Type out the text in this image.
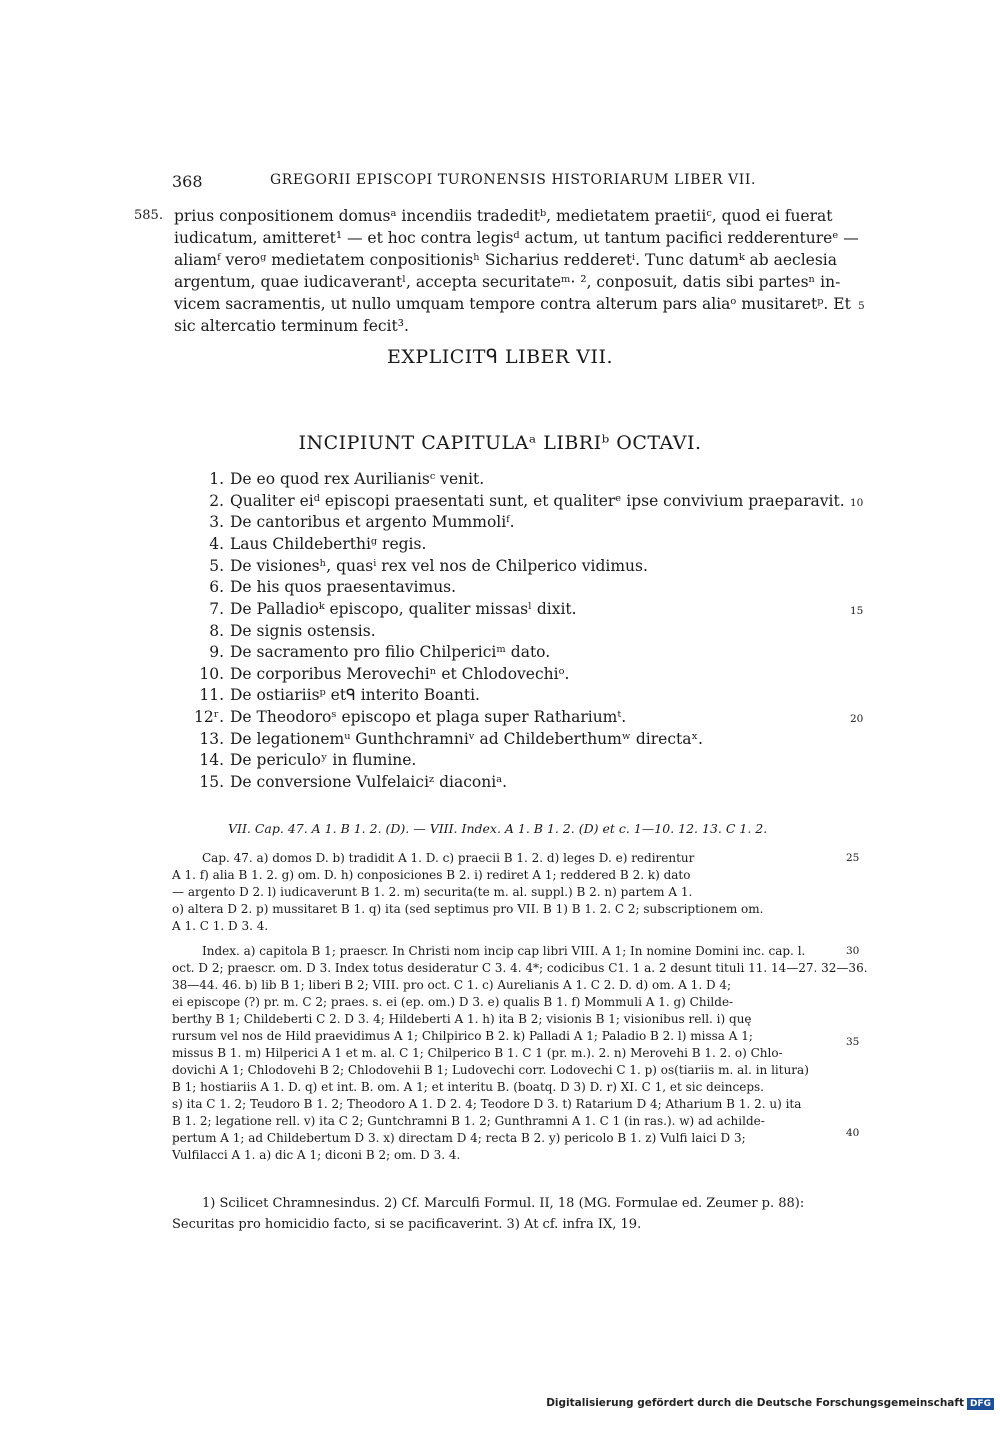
368	GREGORII EPISCOPI TURONENSIS HISTORIARUM LIBER VII.
585. prius conpositionem domusᵃ incendiis tradeditᵇ, medietatem praetiiᶜ, quod ei fuerat
iudicatum, amitteret¹ — et hoc contra legisᵈ actum, ut tantum pacifici redderentureᵉ —
aliamᶠ veroᵍ medietatem conpositionisʰ Sicharius redderetⁱ. Tunc datumᵏ ab aeclesia
argentum, quae iudicaverantˡ, accepta securitateᵐ· ², conposuit, datis sibi partesⁿ in-
vicem sacramentis, ut nullo umquam tempore contra alterum pars aliaᵒ musitaretᵖ. Et
sic altercatio terminum fecit³.
5
10
15
20
25
30
35
40
EXPLICITᑫ LIBER VII.
INCIPIUNT CAPITULAᵃ LIBRIᵇ OCTAVI.
1. De eo quod rex Aurilianisᶜ venit.
2. Qualiter eiᵈ episcopi praesentati sunt, et qualiterᵉ ipse convivium praeparavit.
3. De cantoribus et argento Mummoliᶠ.
4. Laus Childeberthiᵍ regis.
5. De visionesʰ, quasⁱ rex vel nos de Chilperico vidimus.
6. De his quos praesentavimus.
7. De Palladioᵏ episcopo, qualiter missasˡ dixit.
8. De signis ostensis.
9. De sacramento pro filio Chilpericiᵐ dato.
10. De corporibus Merovechiⁿ et Chlodovechiᵒ.
11. De ostiariisᵖ etᑫ interito Boanti.
12ʳ. De Theodoroˢ episcopo et plaga super Rathariumᵗ.
13. De legationemᵘ Gunthchramniᵛ ad Childeberthumʷ directaˣ.
14. De periculoʸ in flumine.
15. De conversione Vulfelaiciᶻ diaconiᵃ.
VII. Cap. 47. A 1. B 1. 2. (D). — VIII. Index. A 1. B 1. 2. (D) et c. 1—10. 12. 13. C 1. 2.
Cap. 47. a) domos D. b) tradidit A 1. D. c) praecii B 1. 2. d) leges D. e) redirentur
A 1. f) alia B 1. 2. g) om. D. h) conposiciones B 2. i) rediret A 1; reddered B 2. k) dato
— argento D 2. l) iudicaverunt B 1. 2. m) securita(te m. al. suppl.) B 2. n) partem A 1.
o) altera D 2. p) mussitaret B 1. q) ita (sed septimus pro VII. B 1) B 1. 2. C 2; subscriptionem om.
A 1. C 1. D 3. 4.
Index. a) capitola B 1; praescr. In Christi nom incip cap libri VIII. A 1; In nomine Domini inc. cap. l.
oct. D 2; praescr. om. D 3. Index totus desideratur C 3. 4. 4*; codicibus C1. 1 a. 2 desunt tituli 11. 14—27. 32—36.
38—44. 46. b) lib B 1; liberi B 2; VIII. pro oct. C 1. c) Aurelianis A 1. C 2. D. d) om. A 1. D 4;
ei episcope (?) pr. m. C 2; praes. s. ei (ep. om.) D 3. e) qualis B 1. f) Mommuli A 1. g) Childe-
berthy B 1; Childeberti C 2. D 3. 4; Hildeberti A 1. h) ita B 2; visionis B 1; visionibus rell. i) quę
rursum vel nos de Hild praevidimus A 1; Chilpirico B 2. k) Palladi A 1; Paladio B 2. l) missa A 1;
missus B 1. m) Hilperici A 1 et m. al. C 1; Chilperico B 1. C 1 (pr. m.). 2. n) Merovehi B 1. 2. o) Chlo-
dovichi A 1; Chlodovehi B 2; Chlodovehii B 1; Ludovechi corr. Lodovechi C 1. p) os(tiariis m. al. in litura)
B 1; hostiariis A 1. D. q) et int. B. om. A 1; et interitu B. (boatq. D 3) D. r) XI. C 1, et sic deinceps.
s) ita C 1. 2; Teudoro B 1. 2; Theodoro A 1. D 2. 4; Teodore D 3. t) Ratarium D 4; Atharium B 1. 2. u) ita
B 1. 2; legatione rell. v) ita C 2; Guntchramni B 1. 2; Gunthramni A 1. C 1 (in ras.). w) ad achilde-
pertum A 1; ad Childebertum D 3. x) directam D 4; recta B 2. y) pericolo B 1. z) Vulfi laici D 3;
Vulfilacci A 1. a) dic A 1; diconi B 2; om. D 3. 4.
1) Scilicet Chramnesindus. 2) Cf. Marculfi Formul. II, 18 (MG. Formulae ed. Zeumer p. 88):
Securitas pro homicidio facto, si se pacificaverint. 3) At cf. infra IX, 19.
Digitalisierung gefördert durch die Deutsche Forschungsgemeinschaft DFG
